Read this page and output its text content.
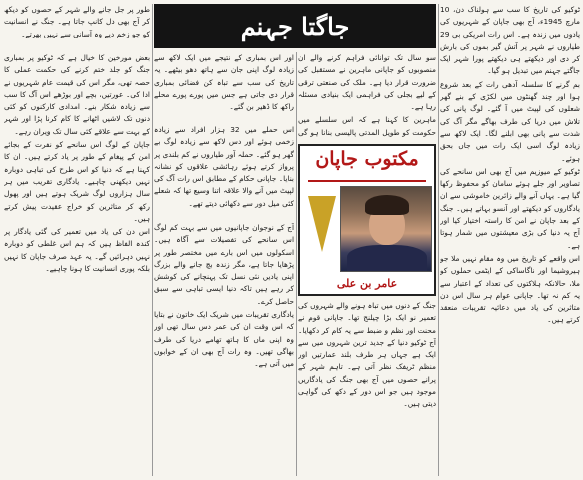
ٹوکیو کی تاریخ کا سب سے ہولناک دن، 10 مارچ 1945ء، آج بھی جاپان کے شہریوں کی یادوں میں زندہ ہے۔ اس رات امریکی بی 29 طیاروں نے شہر پر آتش گیر بموں کی بارش کر دی اور دیکھتے ہی دیکھتے پورا شہر ایک جاگتے جہنم میں تبدیل ہو گیا۔

بم گرنے کا سلسلہ آدھی رات کے بعد شروع ہوا اور چند گھنٹوں میں لکڑی کے بنے گھر شعلوں کی لپیٹ میں آ گئے۔ لوگ پانی کی تلاش میں دریا کی طرف بھاگے مگر آگ کی شدت سے پانی بھی ابلنے لگا۔ ایک لاکھ سے زیادہ لوگ اسی ایک رات میں جاں بحق ہوئے۔

ٹوکیو کے میوزیم میں آج بھی اس سانحے کی تصاویر اور جلے ہوئے سامان کو محفوظ رکھا گیا ہے۔ یہاں آنے والے زائرین خاموشی سے ان یادگاروں کو دیکھتے اور آنسو بہاتے ہیں۔ جنگ کے بعد جاپان نے امن کا راستہ اختیار کیا اور آج یہ دنیا کی بڑی معیشتوں میں شمار ہوتا ہے۔

اس واقعے کو تاریخ میں وہ مقام نہیں ملا جو ہیروشیما اور ناگاساکی کے ایٹمی حملوں کو ملا، حالانکہ ہلاکتوں کی تعداد کے اعتبار سے یہ کم نہ تھا۔ جاپانی عوام ہر سال اس دن متاثرین کی یاد میں دعائیہ تقریبات منعقد کرتے ہیں۔

جاگتا جہنم

سو سال تک توانائی فراہم کرنے والے ان منصوبوں کو جاپانی ماہرین نے مستقبل کی ضرورت قرار دیا ہے۔ ملک کی صنعتی ترقی کے لیے بجلی کی فراہمی ایک بنیادی مسئلہ رہا ہے۔

ماہرین کا کہنا ہے کہ اس سلسلے میں حکومت کو طویل المدتی پالیسی بنانا ہو گی

مکتوب جاپان
عامر بن علی

جنگ کے دنوں میں تباہ ہونے والے شہروں کی تعمیر نو ایک بڑا چیلنج تھا۔ جاپانی قوم نے محنت اور نظم و ضبط سے یہ کام کر دکھایا۔ آج ٹوکیو دنیا کے جدید ترین شہروں میں سے ایک ہے جہاں ہر طرف بلند عمارتیں اور منظم ٹریفک نظر آتی ہے۔ تاہم شہر کے پرانے حصوں میں آج بھی جنگ کی یادگاریں موجود ہیں جو اس دور کے دکھ کی گواہی دیتی ہیں۔

اور اس بمباری کے نتیجے میں ایک لاکھ سے زیادہ لوگ اپنی جان سے ہاتھ دھو بیٹھے۔ یہ تاریخ کی سب سے تباہ کن فضائی بمباری قرار دی جاتی ہے جس میں پورے پورے محلے راکھ کا ڈھیر بن گئے۔

اس حملے میں 32 ہزار افراد سے زیادہ زخمی ہوئے اور دس لاکھ سے زیادہ لوگ بے گھر ہو گئے۔ حملہ آور طیاروں نے کم بلندی پر پرواز کرتے ہوئے رہائشی علاقوں کو نشانہ بنایا۔ جاپانی حکام کے مطابق اس رات آگ کی لپیٹ میں آنے والا علاقہ اتنا وسیع تھا کہ شعلے کئی میل دور سے دکھائی دیتے تھے۔

آج کے نوجوان جاپانیوں میں سے بہت کم لوگ اس سانحے کی تفصیلات سے آگاہ ہیں۔ اسکولوں میں اس بارے میں مختصر طور پر پڑھایا جاتا ہے، مگر زندہ بچ جانے والے بزرگ اپنی یادیں نئی نسل تک پہنچانے کی کوشش کر رہے ہیں تاکہ دنیا ایسی تباہی سے سبق حاصل کرے۔

یادگاری تقریبات میں شریک ایک خاتون نے بتایا کہ اس وقت ان کی عمر دس سال تھی اور وہ اپنی ماں کا ہاتھ تھامے دریا کی طرف بھاگی تھیں۔ وہ رات آج بھی ان کے خوابوں میں آتی ہے۔

طور پر جل جانے والے شہر کے حصوں کو دیکھ کر آج بھی دل کانپ جاتا ہے۔ جنگ نے انسانیت کو جو زخم دیے وہ آسانی سے نہیں بھرتے۔

بعض مورخین کا خیال ہے کہ ٹوکیو پر بمباری جنگ کو جلد ختم کرنے کی حکمت عملی کا حصہ تھی، مگر اس کی قیمت عام شہریوں نے ادا کی۔ عورتیں، بچے اور بوڑھے اس آگ کا سب سے زیادہ شکار بنے۔ امدادی کارکنوں کو کئی دنوں تک لاشیں اٹھانے کا کام کرنا پڑا اور شہر کے بہت سے علاقے کئی سال تک ویران رہے۔

جاپان کے لوگ اس سانحے کو نفرت کے بجائے امن کے پیغام کے طور پر یاد کرتے ہیں۔ ان کا کہنا ہے کہ دنیا کو اس طرح کی تباہی دوبارہ نہیں دیکھنی چاہیے۔ یادگاری تقریب میں ہر سال ہزاروں لوگ شریک ہوتے ہیں اور پھول رکھ کر متاثرین کو خراج عقیدت پیش کرتے ہیں۔

اس دن کی یاد میں تعمیر کی گئی یادگار پر کندہ الفاظ ہیں کہ ہم اس غلطی کو دوبارہ نہیں دہرائیں گے۔ یہ عہد صرف جاپان کا نہیں بلکہ پوری انسانیت کا ہونا چاہیے۔
